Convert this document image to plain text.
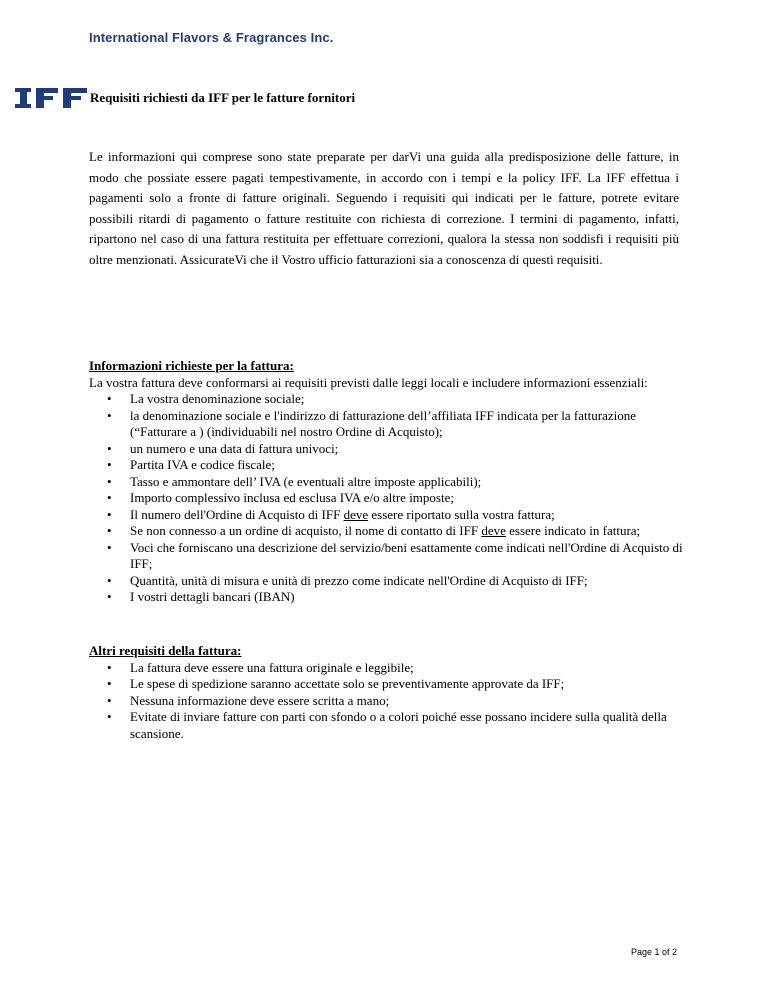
International Flavors & Fragrances Inc.
Requisiti richiesti da IFF per le fatture fornitori
Le informazioni qui comprese sono state preparate per darVi una guida alla predisposizione delle fatture, in modo che possiate essere pagati tempestivamente, in accordo con i tempi e la policy IFF. La IFF effettua i pagamenti solo a fronte di fatture originali. Seguendo i requisiti qui indicati per le fatture, potrete evitare possibili ritardi di pagamento o fatture restituite con richiesta di correzione. I termini di pagamento, infatti, ripartono nel caso di una fattura restituita per effettuare correzioni, qualora la stessa non soddisfi i requisiti più oltre menzionati. AssicurateVi che il Vostro ufficio fatturazioni sia a conoscenza di questi requisiti.
Informazioni richieste per la fattura:
La vostra fattura deve conformarsi ai requisiti previsti dalle leggi locali e includere informazioni essenziali:
• La vostra denominazione sociale;
• la denominazione sociale e l'indirizzo di fatturazione dell’affiliata IFF indicata per la fatturazione (“Fatturare a ) (individuabili nel nostro Ordine di Acquisto);
• un numero e una data di fattura univoci;
• Partita IVA e codice fiscale;
• Tasso e ammontare dell’ IVA (e eventuali altre imposte applicabili);
• Importo complessivo inclusa ed esclusa IVA e/o altre imposte;
• Il numero dell'Ordine di Acquisto di IFF deve essere riportato sulla vostra fattura;
• Se non connesso a un ordine di acquisto, il nome di contatto di IFF deve essere indicato in fattura;
• Voci che forniscano una descrizione del servizio/beni esattamente come indicati nell'Ordine di Acquisto di IFF;
• Quantità, unità di misura e unità di prezzo come indicate nell'Ordine di Acquisto di IFF;
• I vostri dettagli bancari (IBAN)
Altri requisiti della fattura:
• La fattura deve essere una fattura originale e leggibile;
• Le spese di spedizione saranno accettate solo se preventivamente approvate da IFF;
• Nessuna informazione deve essere scritta a mano;
• Evitate di inviare fatture con parti con sfondo o a colori poiché esse possano incidere sulla qualità della scansione.
Page 1 of 2
